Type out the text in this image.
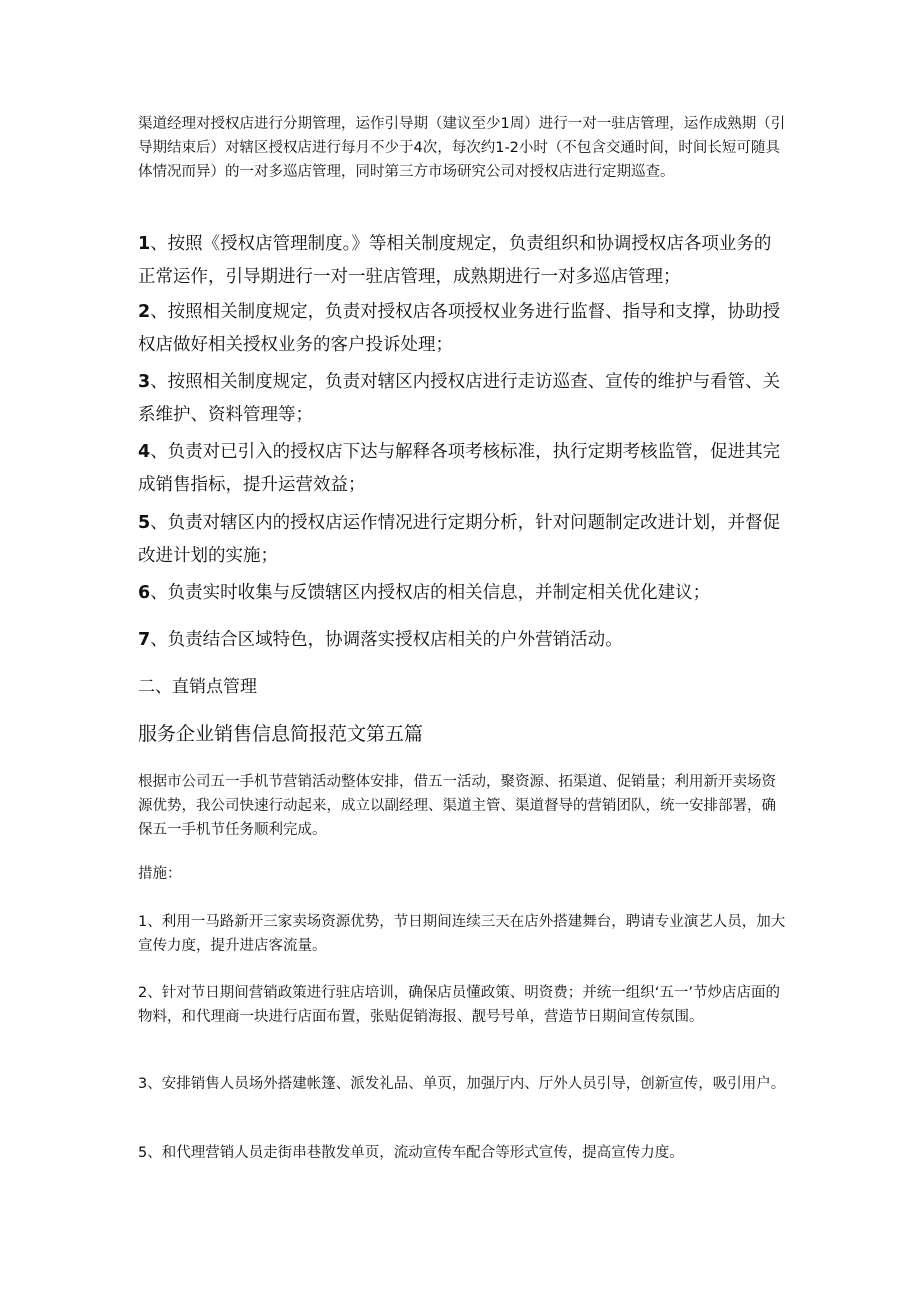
渠道经理对授权店进行分期管理，运作引导期（建议至少1周）进行一对一驻店管理，运作成熟期（引导期结束后）对辖区授权店进行每月不少于4次，每次约1-2小时（不包含交通时间，时间长短可随具体情况而异）的一对多巡店管理，同时第三方市场研究公司对授权店进行定期巡查。

1、按照《授权店管理制度。》等相关制度规定，负责组织和协调授权店各项业务的正常运作，引导期进行一对一驻店管理，成熟期进行一对多巡店管理；

2、按照相关制度规定，负责对授权店各项授权业务进行监督、指导和支撑，协助授权店做好相关授权业务的客户投诉处理；

3、按照相关制度规定，负责对辖区内授权店进行走访巡查、宣传的维护与看管、关系维护、资料管理等；

4、负责对已引入的授权店下达与解释各项考核标准，执行定期考核监管，促进其完成销售指标，提升运营效益；

5、负责对辖区内的授权店运作情况进行定期分析，针对问题制定改进计划，并督促改进计划的实施；

6、负责实时收集与反馈辖区内授权店的相关信息，并制定相关优化建议；

7、负责结合区域特色，协调落实授权店相关的户外营销活动。

二、直销点管理

服务企业销售信息简报范文第五篇

根据市公司五一手机节营销活动整体安排，借五一活动，聚资源、拓渠道、促销量；利用新开卖场资源优势，我公司快速行动起来，成立以副经理、渠道主管、渠道督导的营销团队，统一安排部署，确保五一手机节任务顺利完成。

措施：

1、利用一马路新开三家卖场资源优势，节日期间连续三天在店外搭建舞台，聘请专业演艺人员，加大宣传力度，提升进店客流量。

2、针对节日期间营销政策进行驻店培训，确保店员懂政策、明资费；并统一组织‘五一’节炒店店面的物料，和代理商一块进行店面布置，张贴促销海报、靓号号单，营造节日期间宣传氛围。

3、安排销售人员场外搭建帐篷、派发礼品、单页，加强厅内、厅外人员引导，创新宣传，吸引用户。

5、和代理营销人员走街串巷散发单页，流动宣传车配合等形式宣传，提高宣传力度。
